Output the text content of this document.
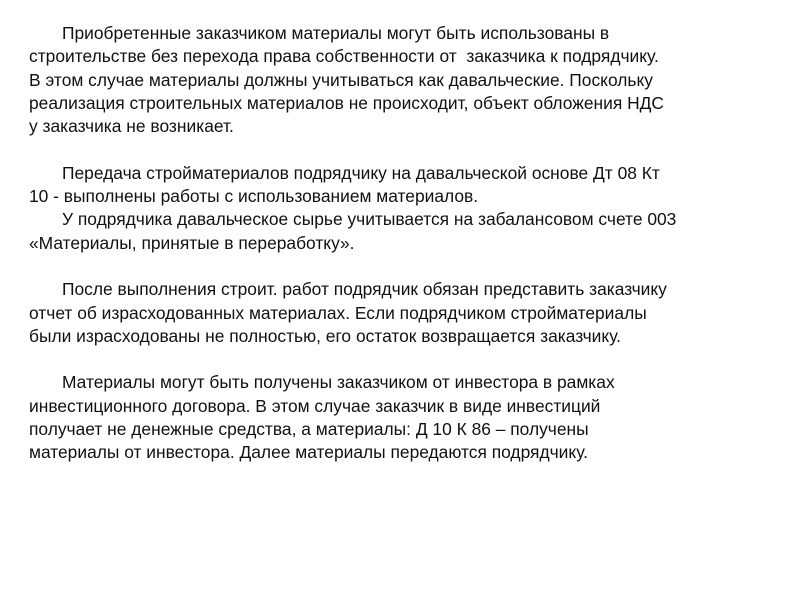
Приобретенные заказчиком материалы могут быть использованы в
строительстве без перехода права собственности от  заказчика к подрядчику.
В этом случае материалы должны учитываться как давальческие. Поскольку
реализация строительных материалов не происходит, объект обложения НДС
у заказчика не возникает.
Передача стройматериалов подрядчику на давальческой основе Дт 08 Кт
10 - выполнены работы с использованием материалов.
У подрядчика давальческое сырье учитывается на забалансовом счете 003
«Материалы, принятые в переработку».
После выполнения строит. работ подрядчик обязан представить заказчику
отчет об израсходованных материалах. Если подрядчиком стройматериалы
были израсходованы не полностью, его остаток возвращается заказчику.
Материалы могут быть получены заказчиком от инвестора в рамках
инвестиционного договора. В этом случае заказчик в виде инвестиций
получает не денежные средства, а материалы: Д 10 К 86 – получены
материалы от инвестора. Далее материалы передаются подрядчику.
